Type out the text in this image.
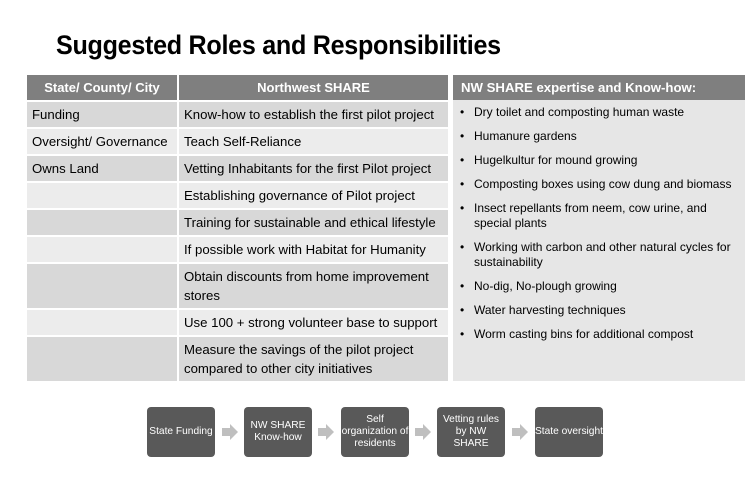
Suggested Roles and Responsibilities
State/ County/ City	Northwest SHARE
Funding	Know-how to establish the first pilot project
Oversight/ Governance	Teach Self-Reliance
Owns Land	Vetting Inhabitants for the first Pilot project
	Establishing governance of Pilot project
	Training for sustainable and ethical lifestyle
	If possible work with Habitat for Humanity
	Obtain discounts from home improvement stores
	Use 100 + strong volunteer base to support
	Measure the savings of the pilot project compared to other city initiatives
NW SHARE expertise and Know-how:
• Dry toilet and composting human waste
• Humanure gardens
• Hugelkultur for mound growing
• Composting boxes using cow dung and biomass
• Insect repellants from neem, cow urine, and special plants
• Working with carbon and other natural cycles for sustainability
• No-dig, No-plough growing
• Water harvesting techniques
• Worm casting bins for additional compost
State Funding
NW SHARE Know-how
Self organization of residents
Vetting rules by NW SHARE
State oversight
